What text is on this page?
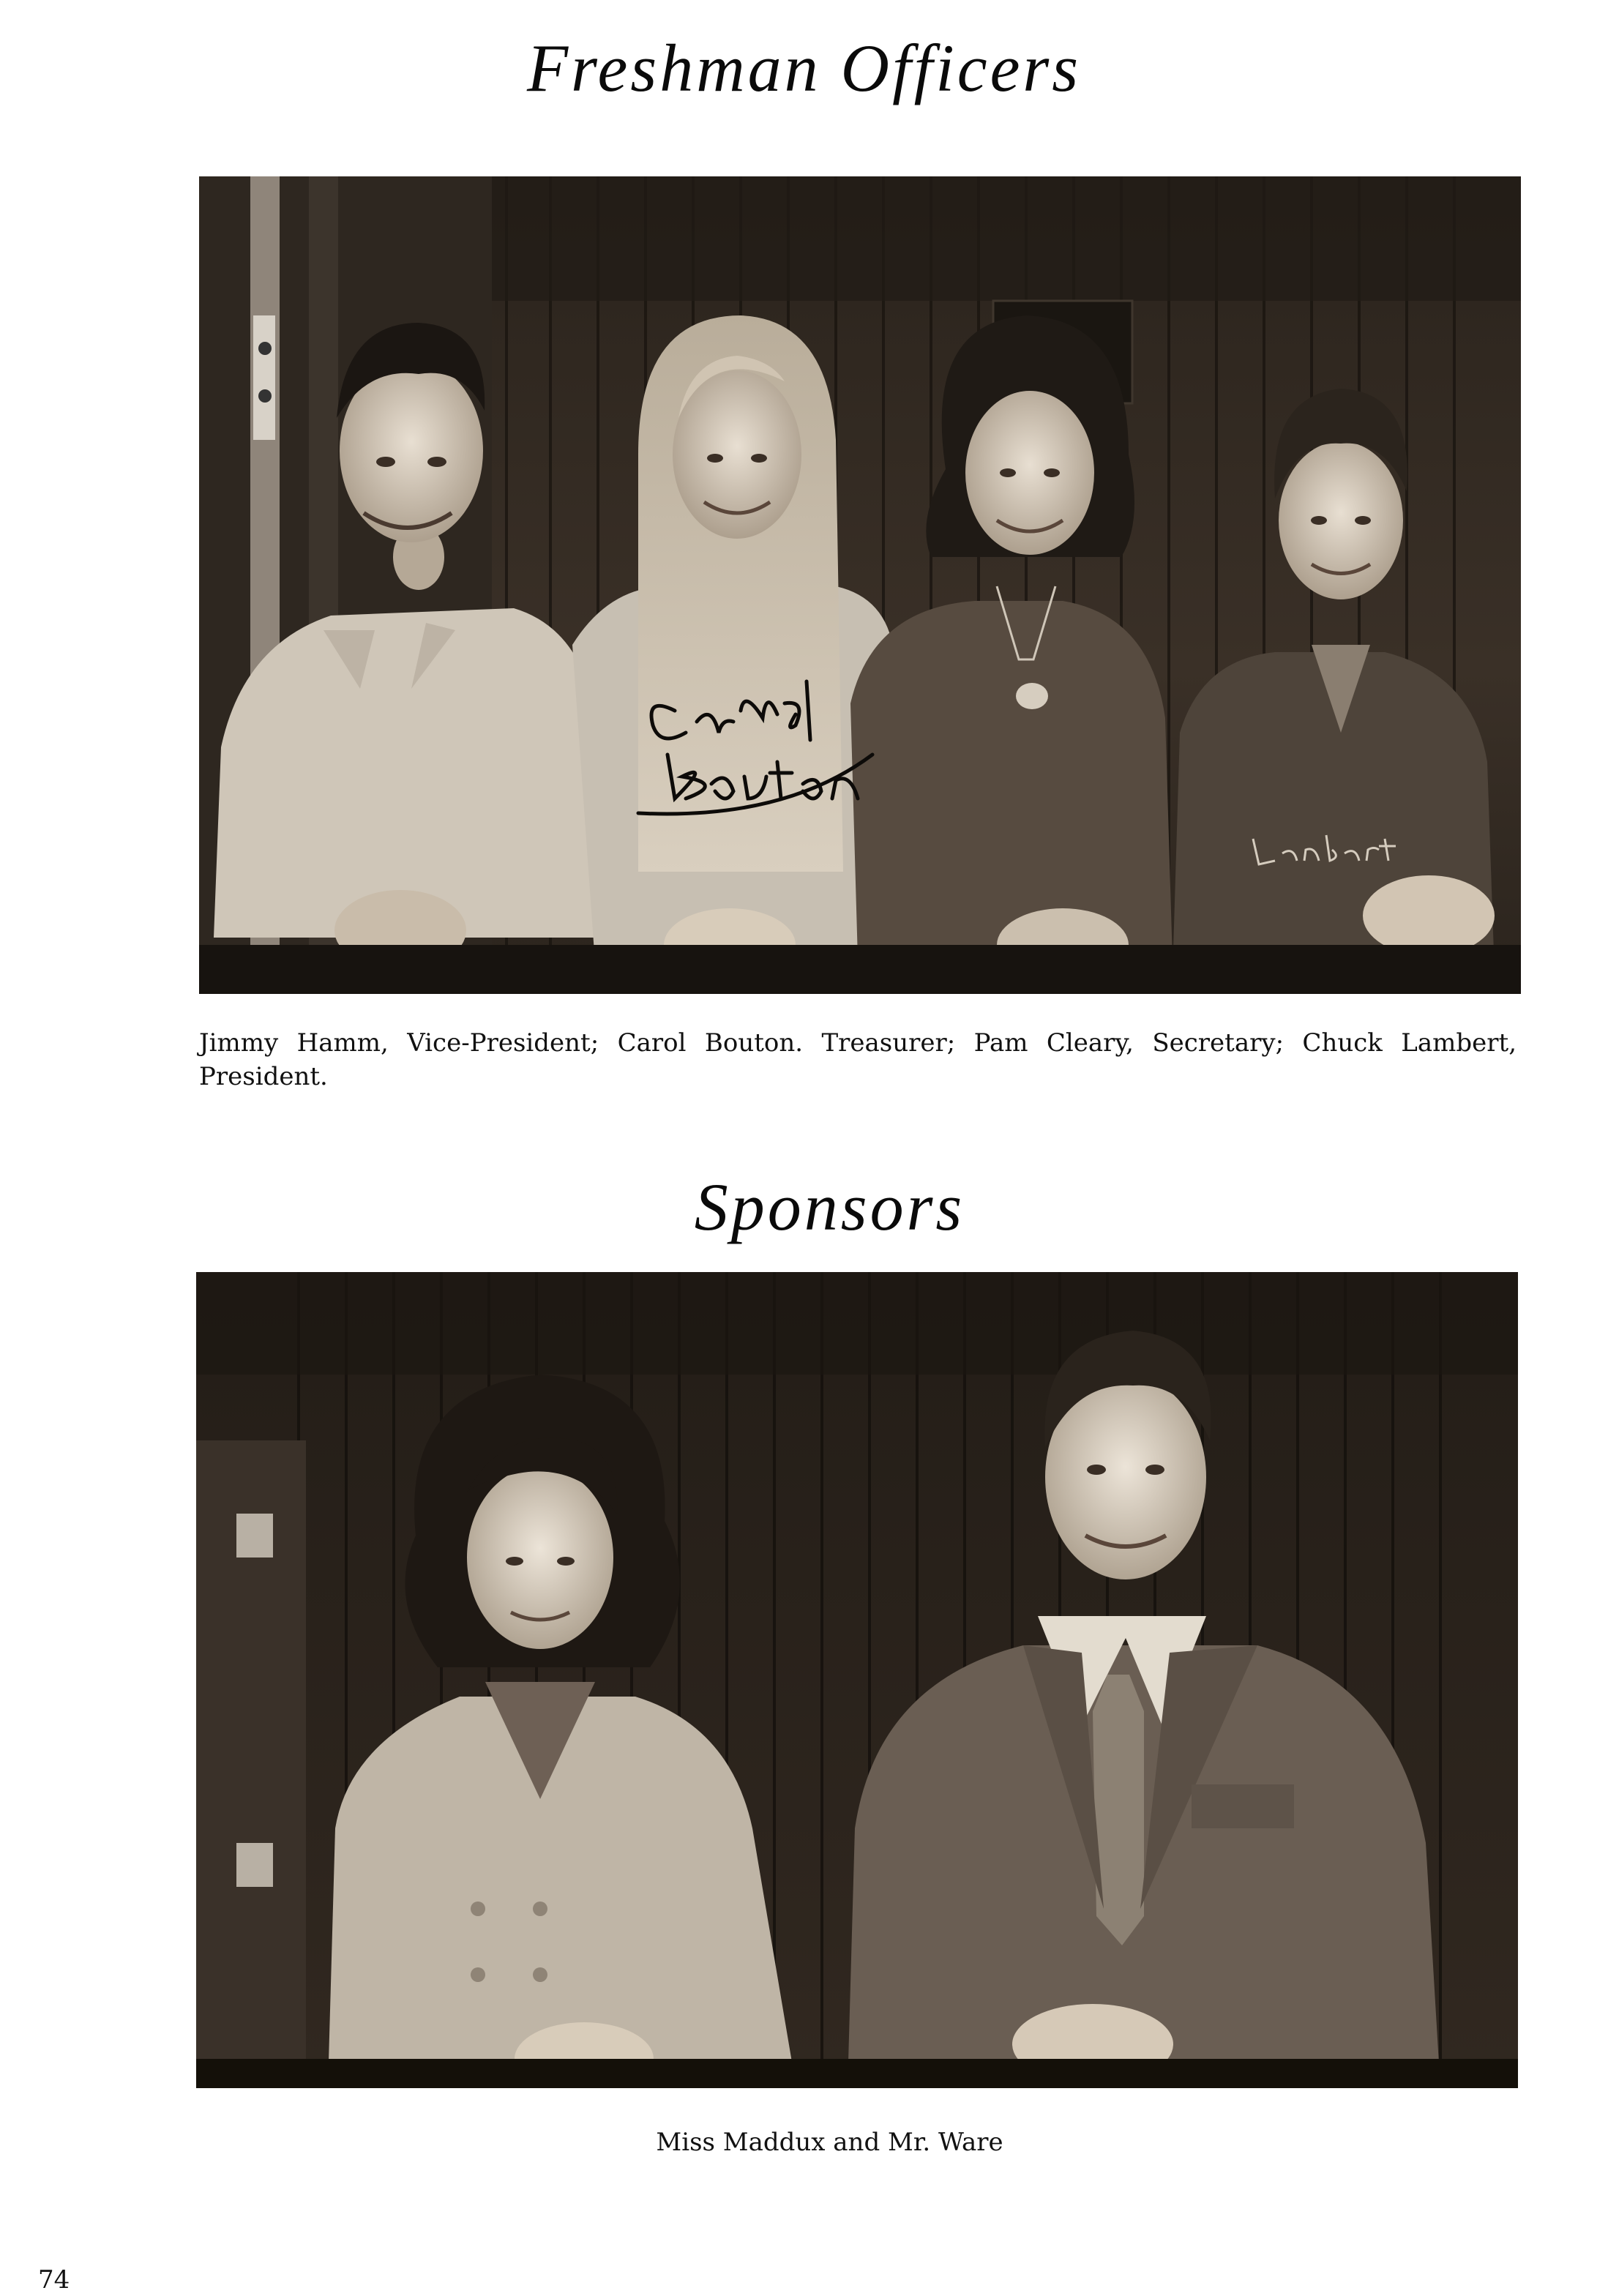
Freshman Officers
Jimmy Hamm, Vice-President; Carol Bouton. Treasurer; Pam Cleary, Secretary; Chuck Lambert, President.
Sponsors
Miss Maddux and Mr. Ware
74
